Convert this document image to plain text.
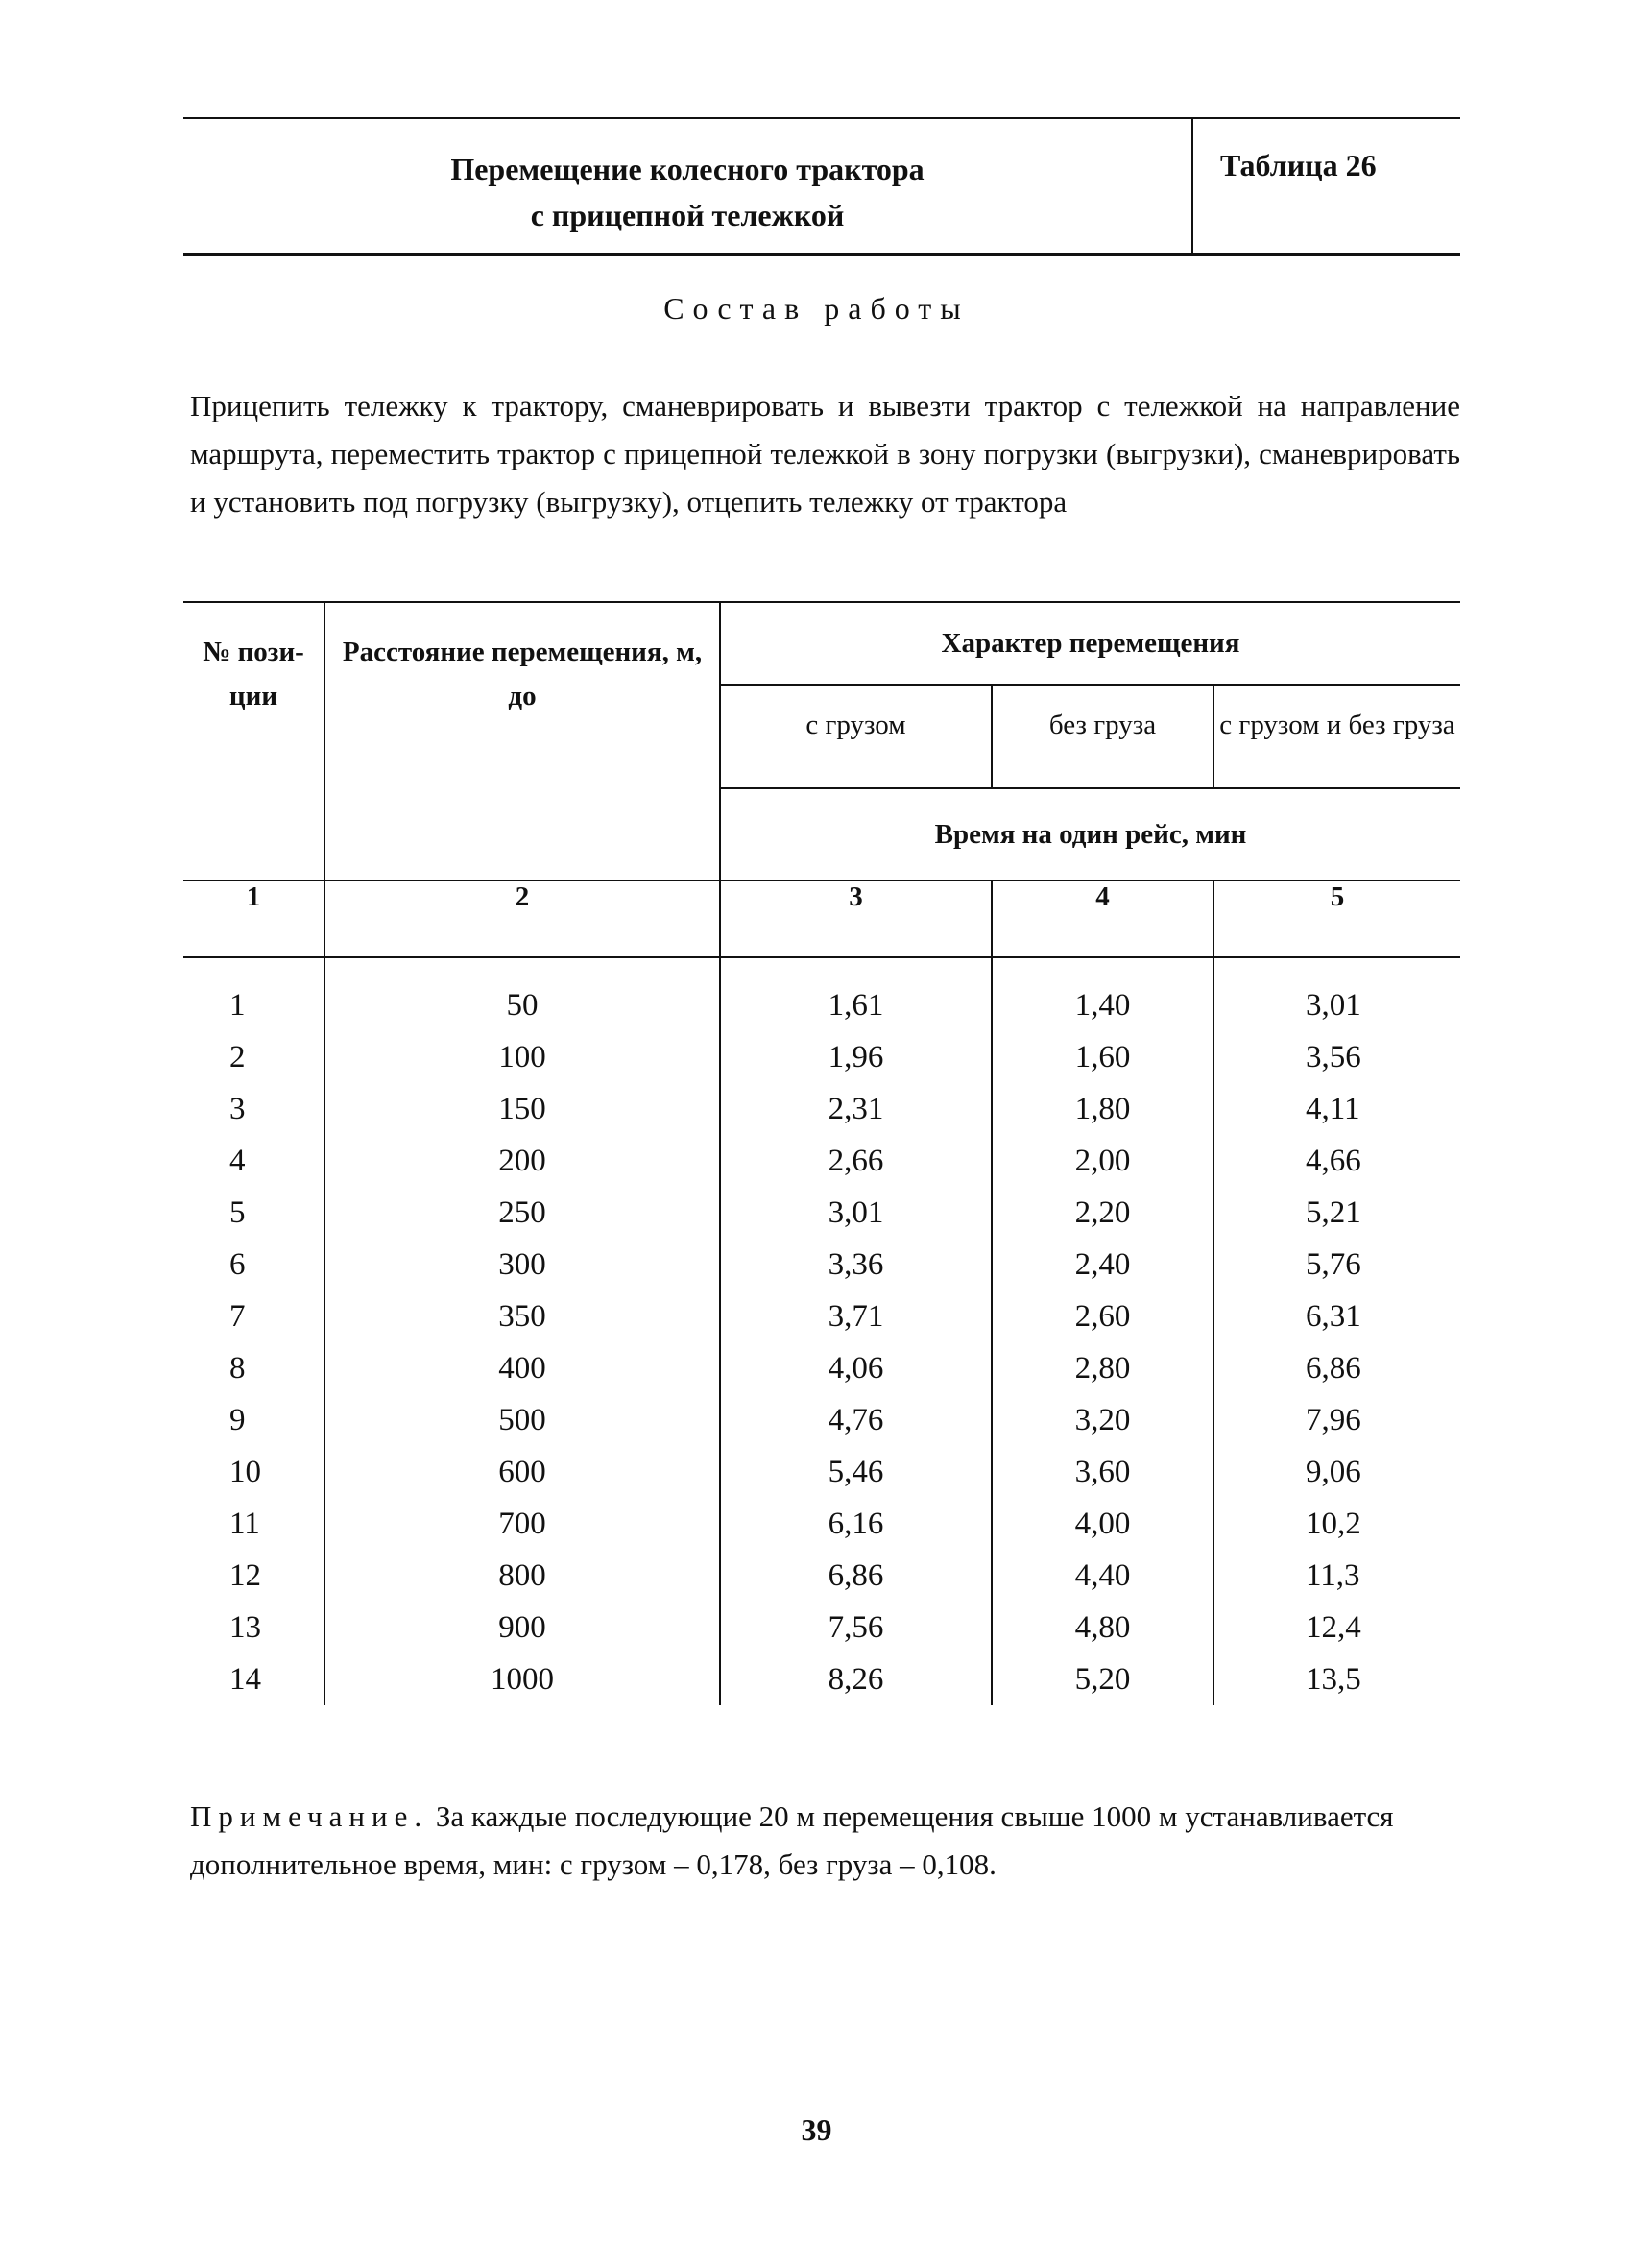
Перемещение колесного трактора
с прицепной тележкой
Таблица 26
Состав работы
Прицепить тележку к трактору, сманеврировать и вывезти трактор с тележкой на направление маршрута, переместить трактор с прицепной тележкой в зону погрузки (выгрузки), сманеврировать и установить под погрузку (выгрузку), отцепить тележку от трактора
№ пози-ции	Расстояние перемещения, м, до	Характер перемещения		
		с грузом	без груза	с грузом и без груза
		Время на один рейс, мин		
1	2	3	4	5
1	50	1,61	1,40	3,01
2	100	1,96	1,60	3,56
3	150	2,31	1,80	4,11
4	200	2,66	2,00	4,66
5	250	3,01	2,20	5,21
6	300	3,36	2,40	5,76
7	350	3,71	2,60	6,31
8	400	4,06	2,80	6,86
9	500	4,76	3,20	7,96
10	600	5,46	3,60	9,06
11	700	6,16	4,00	10,2
12	800	6,86	4,40	11,3
13	900	7,56	4,80	12,4
14	1000	8,26	5,20	13,5
Примечание. За каждые последующие 20 м перемещения свыше 1000 м устанавливается дополнительное время, мин: с грузом – 0,178, без груза – 0,108.
39
